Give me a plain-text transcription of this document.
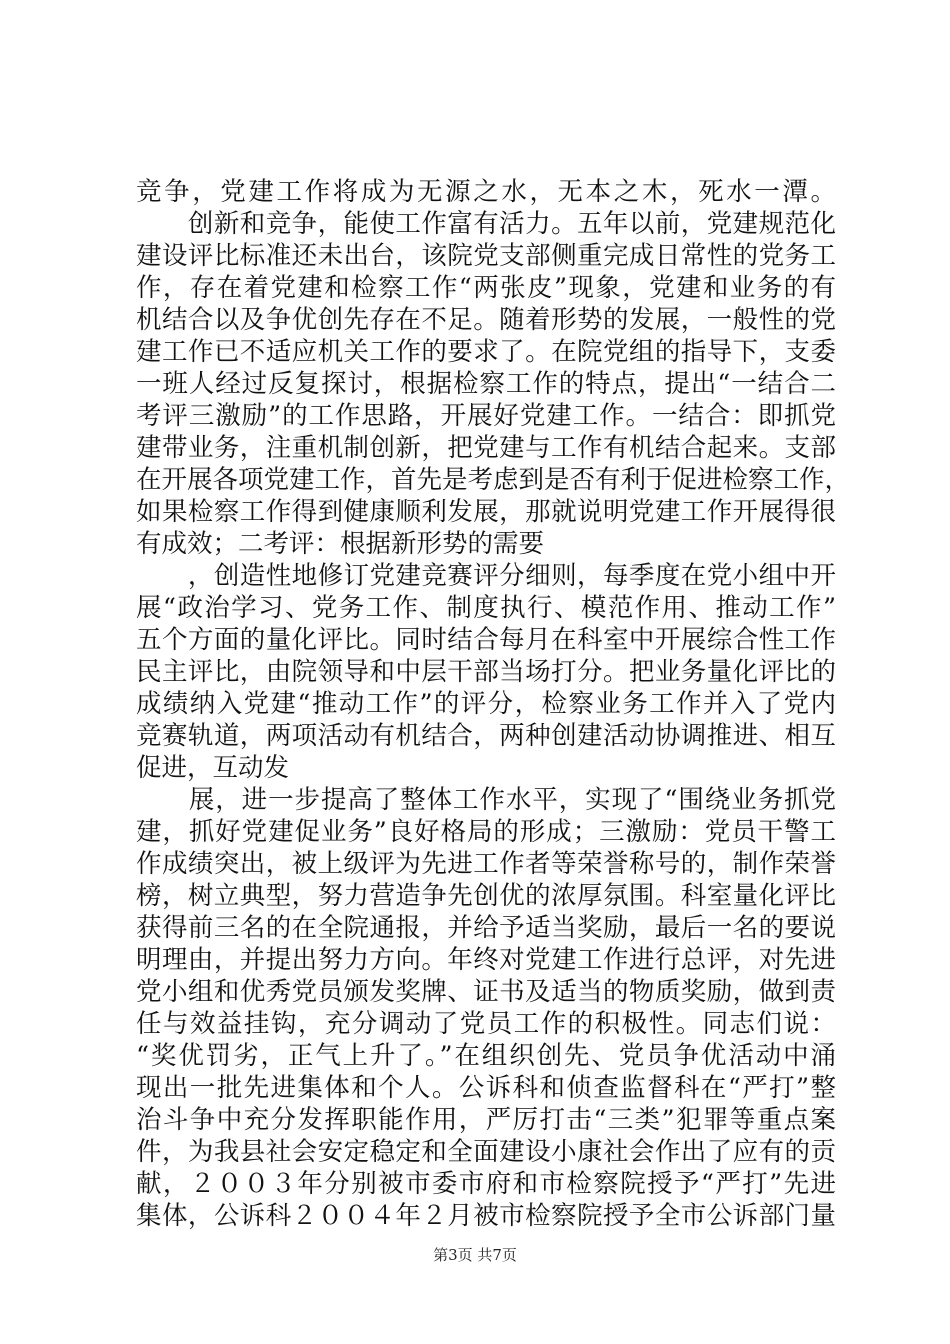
竞争，党建工作将成为无源之水，无本之木，死水一潭。
　　创新和竞争，能使工作富有活力。五年以前，党建规范化
建设评比标准还未出台，该院党支部侧重完成日常性的党务工
作，存在着党建和检察工作“两张皮”现象，党建和业务的有
机结合以及争优创先存在不足。随着形势的发展，一般性的党
建工作已不适应机关工作的要求了。在院党组的指导下，支委
一班人经过反复探讨，根据检察工作的特点，提出“一结合二
考评三激励”的工作思路，开展好党建工作。一结合：即抓党
建带业务，注重机制创新，把党建与工作有机结合起来。支部
在开展各项党建工作，首先是考虑到是否有利于促进检察工作，
如果检察工作得到健康顺利发展，那就说明党建工作开展得很
有成效；二考评：根据新形势的需要
　　，创造性地修订党建竞赛评分细则，每季度在党小组中开
展“政治学习、党务工作、制度执行、模范作用、推动工作”
五个方面的量化评比。同时结合每月在科室中开展综合性工作
民主评比，由院领导和中层干部当场打分。把业务量化评比的
成绩纳入党建“推动工作”的评分，检察业务工作并入了党内
竞赛轨道，两项活动有机结合，两种创建活动协调推进、相互
促进，互动发
　　展，进一步提高了整体工作水平，实现了“围绕业务抓党
建，抓好党建促业务”良好格局的形成；三激励：党员干警工
作成绩突出，被上级评为先进工作者等荣誉称号的，制作荣誉
榜，树立典型，努力营造争先创优的浓厚氛围。科室量化评比
获得前三名的在全院通报，并给予适当奖励，最后一名的要说
明理由，并提出努力方向。年终对党建工作进行总评，对先进
党小组和优秀党员颁发奖牌、证书及适当的物质奖励，做到责
任与效益挂钩，充分调动了党员工作的积极性。同志们说：
“奖优罚劣，正气上升了。”在组织创先、党员争优活动中涌
现出一批先进集体和个人。公诉科和侦查监督科在“严打”整
治斗争中充分发挥职能作用，严厉打击“三类”犯罪等重点案
件，为我县社会安定稳定和全面建设小康社会作出了应有的贡
献，２００３年分别被市委市府和市检察院授予“严打”先进
集体，公诉科２００４年２月被市检察院授予全市公诉部门量
第3页 共7页
